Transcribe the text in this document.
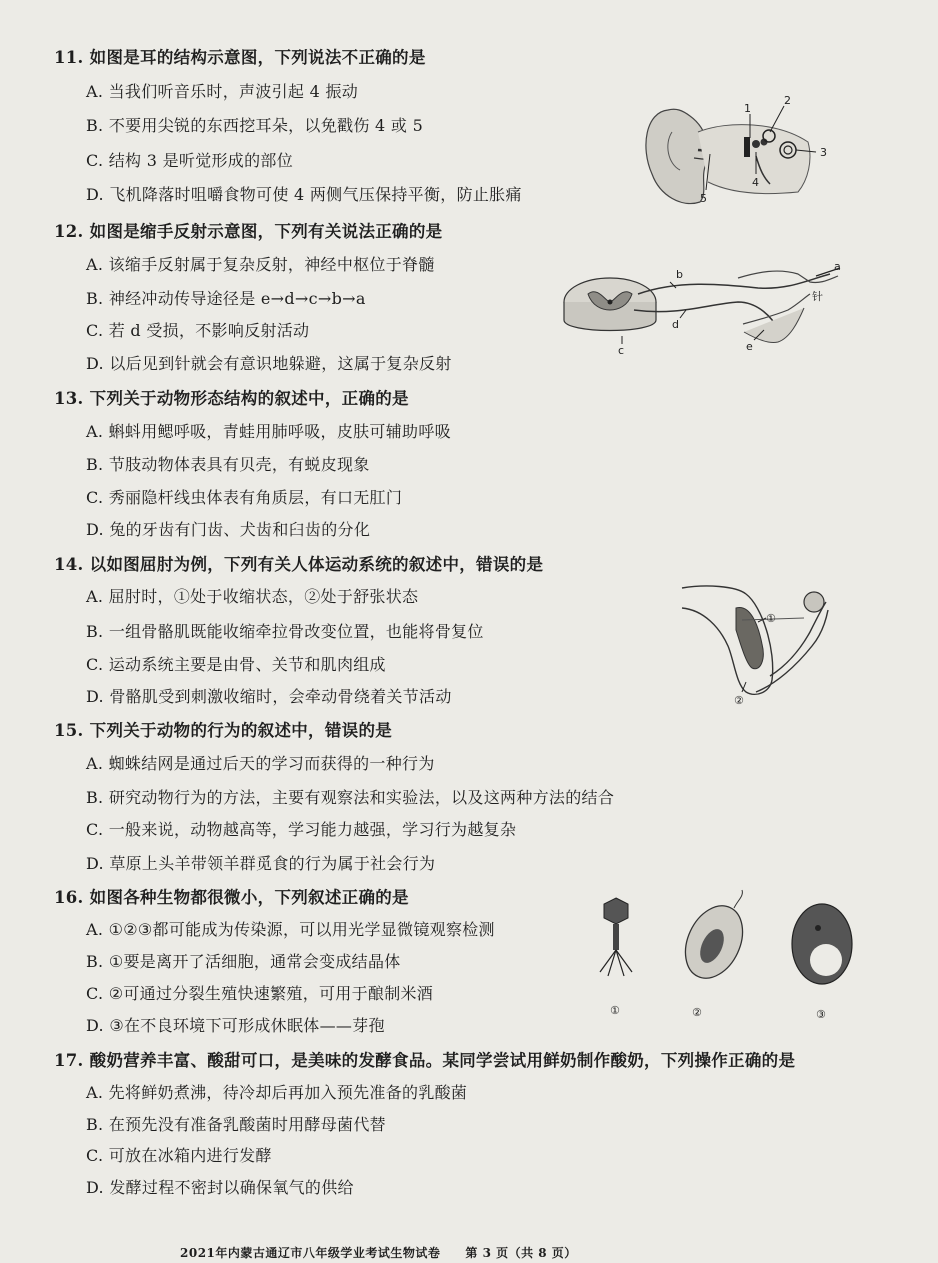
11. 如图是耳的结构示意图，下列说法不正确的是
A. 当我们听音乐时，声波引起 4 振动
B. 不要用尖锐的东西挖耳朵，以免戳伤 4 或 5
C. 结构 3 是听觉形成的部位
D. 飞机降落时咀嚼食物可使 4 两侧气压保持平衡，防止胀痛
1
2
3
4
5
12. 如图是缩手反射示意图，下列有关说法正确的是
A. 该缩手反射属于复杂反射，神经中枢位于脊髓
B. 神经冲动传导途径是 e→d→c→b→a
C. 若 d 受损，不影响反射活动
D. 以后见到针就会有意识地躲避，这属于复杂反射
a
b
c
d
e
针
13. 下列关于动物形态结构的叙述中，正确的是
A. 蝌蚪用鳃呼吸，青蛙用肺呼吸，皮肤可辅助呼吸
B. 节肢动物体表具有贝壳，有蜕皮现象
C. 秀丽隐杆线虫体表有角质层，有口无肛门
D. 兔的牙齿有门齿、犬齿和臼齿的分化
14. 以如图屈肘为例，下列有关人体运动系统的叙述中，错误的是
A. 屈肘时，①处于收缩状态，②处于舒张状态
B. 一组骨骼肌既能收缩牵拉骨改变位置，也能将骨复位
C. 运动系统主要是由骨、关节和肌肉组成
D. 骨骼肌受到刺激收缩时，会牵动骨绕着关节活动
①
②
15. 下列关于动物的行为的叙述中，错误的是
A. 蜘蛛结网是通过后天的学习而获得的一种行为
B. 研究动物行为的方法，主要有观察法和实验法，以及这两种方法的结合
C. 一般来说，动物越高等，学习能力越强，学习行为越复杂
D. 草原上头羊带领羊群觅食的行为属于社会行为
16. 如图各种生物都很微小，下列叙述正确的是
A. ①②③都可能成为传染源，可以用光学显微镜观察检测
B. ①要是离开了活细胞，通常会变成结晶体
C. ②可通过分裂生殖快速繁殖，可用于酿制米酒
D. ③在不良环境下可形成休眠体——芽孢
①	②	③
17. 酸奶营养丰富、酸甜可口，是美味的发酵食品。某同学尝试用鲜奶制作酸奶，下列操作正确的是
A. 先将鲜奶煮沸，待冷却后再加入预先准备的乳酸菌
B. 在预先没有准备乳酸菌时用酵母菌代替
C. 可放在冰箱内进行发酵
D. 发酵过程不密封以确保氧气的供给
2021年内蒙古通辽市八年级学业考试生物试卷　　第 3 页（共 8 页）
